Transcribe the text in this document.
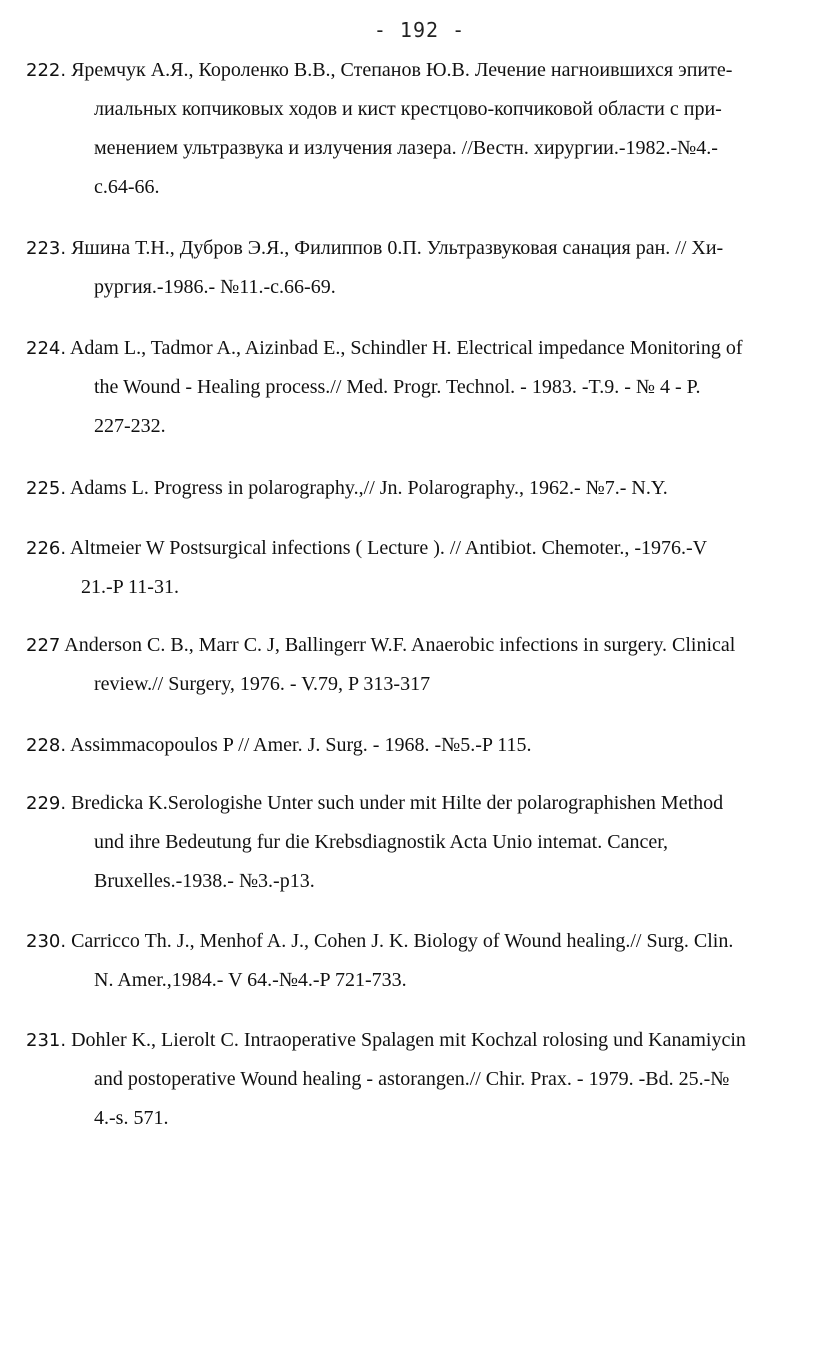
- 192 -
222. Яремчук А.Я., Короленко В.В., Степанов Ю.В. Лечение нагноившихся эпите-
лиальных копчиковых ходов и кист крестцово-копчиковой области с при-
менением ультразвука и излучения лазера. //Вестн. хирургии.-1982.-№4.-
с.64-66.
223. Яшина Т.Н., Дубров Э.Я., Филиппов 0.П. Ультразвуковая санация ран. // Хи-
рургия.-1986.- №11.-с.66-69.
224. Adam L., Tadmor A., Aizinbad E., Schindler H. Electrical impedance Monitoring of
the Wound - Healing process.// Med. Progr. Technol. - 1983. -T.9. - № 4 - P.
227-232.
225. Adams L. Progress in polarography.,// Jn. Polarography., 1962.- №7.- N.Y.
226. Altmeier W Postsurgical infections ( Lecture ). // Antibiot. Chemoter., -1976.-V
21.-P 11-31.
227 Anderson C. B., Marr C. J, Ballingerr W.F. Anaerobic infections in surgery. Clinical
review.// Surgery, 1976. - V.79, P 313-317
228. Assimmacopoulos P // Amer. J. Surg. - 1968. -№5.-P 115.
229. Bredicka K.Serologishe Unter such under mit Hilte der polarographishen Method
und ihre Bedeutung fur die Krebsdiagnostik Acta Unio intemat. Cancer,
Bruxelles.-1938.- №3.-p13.
230. Carricco Th. J., Menhof A. J., Cohen J. K. Biology of Wound healing.// Surg. Clin.
N. Amer.,1984.- V 64.-№4.-P 721-733.
231. Dohler K., Lierolt C. Intraoperative Spalagen mit Kochzal rolosing und Kanamiycin
and postoperative Wound healing - astorangen.// Chir. Prax. - 1979. -Bd. 25.-№
4.-s. 571.
